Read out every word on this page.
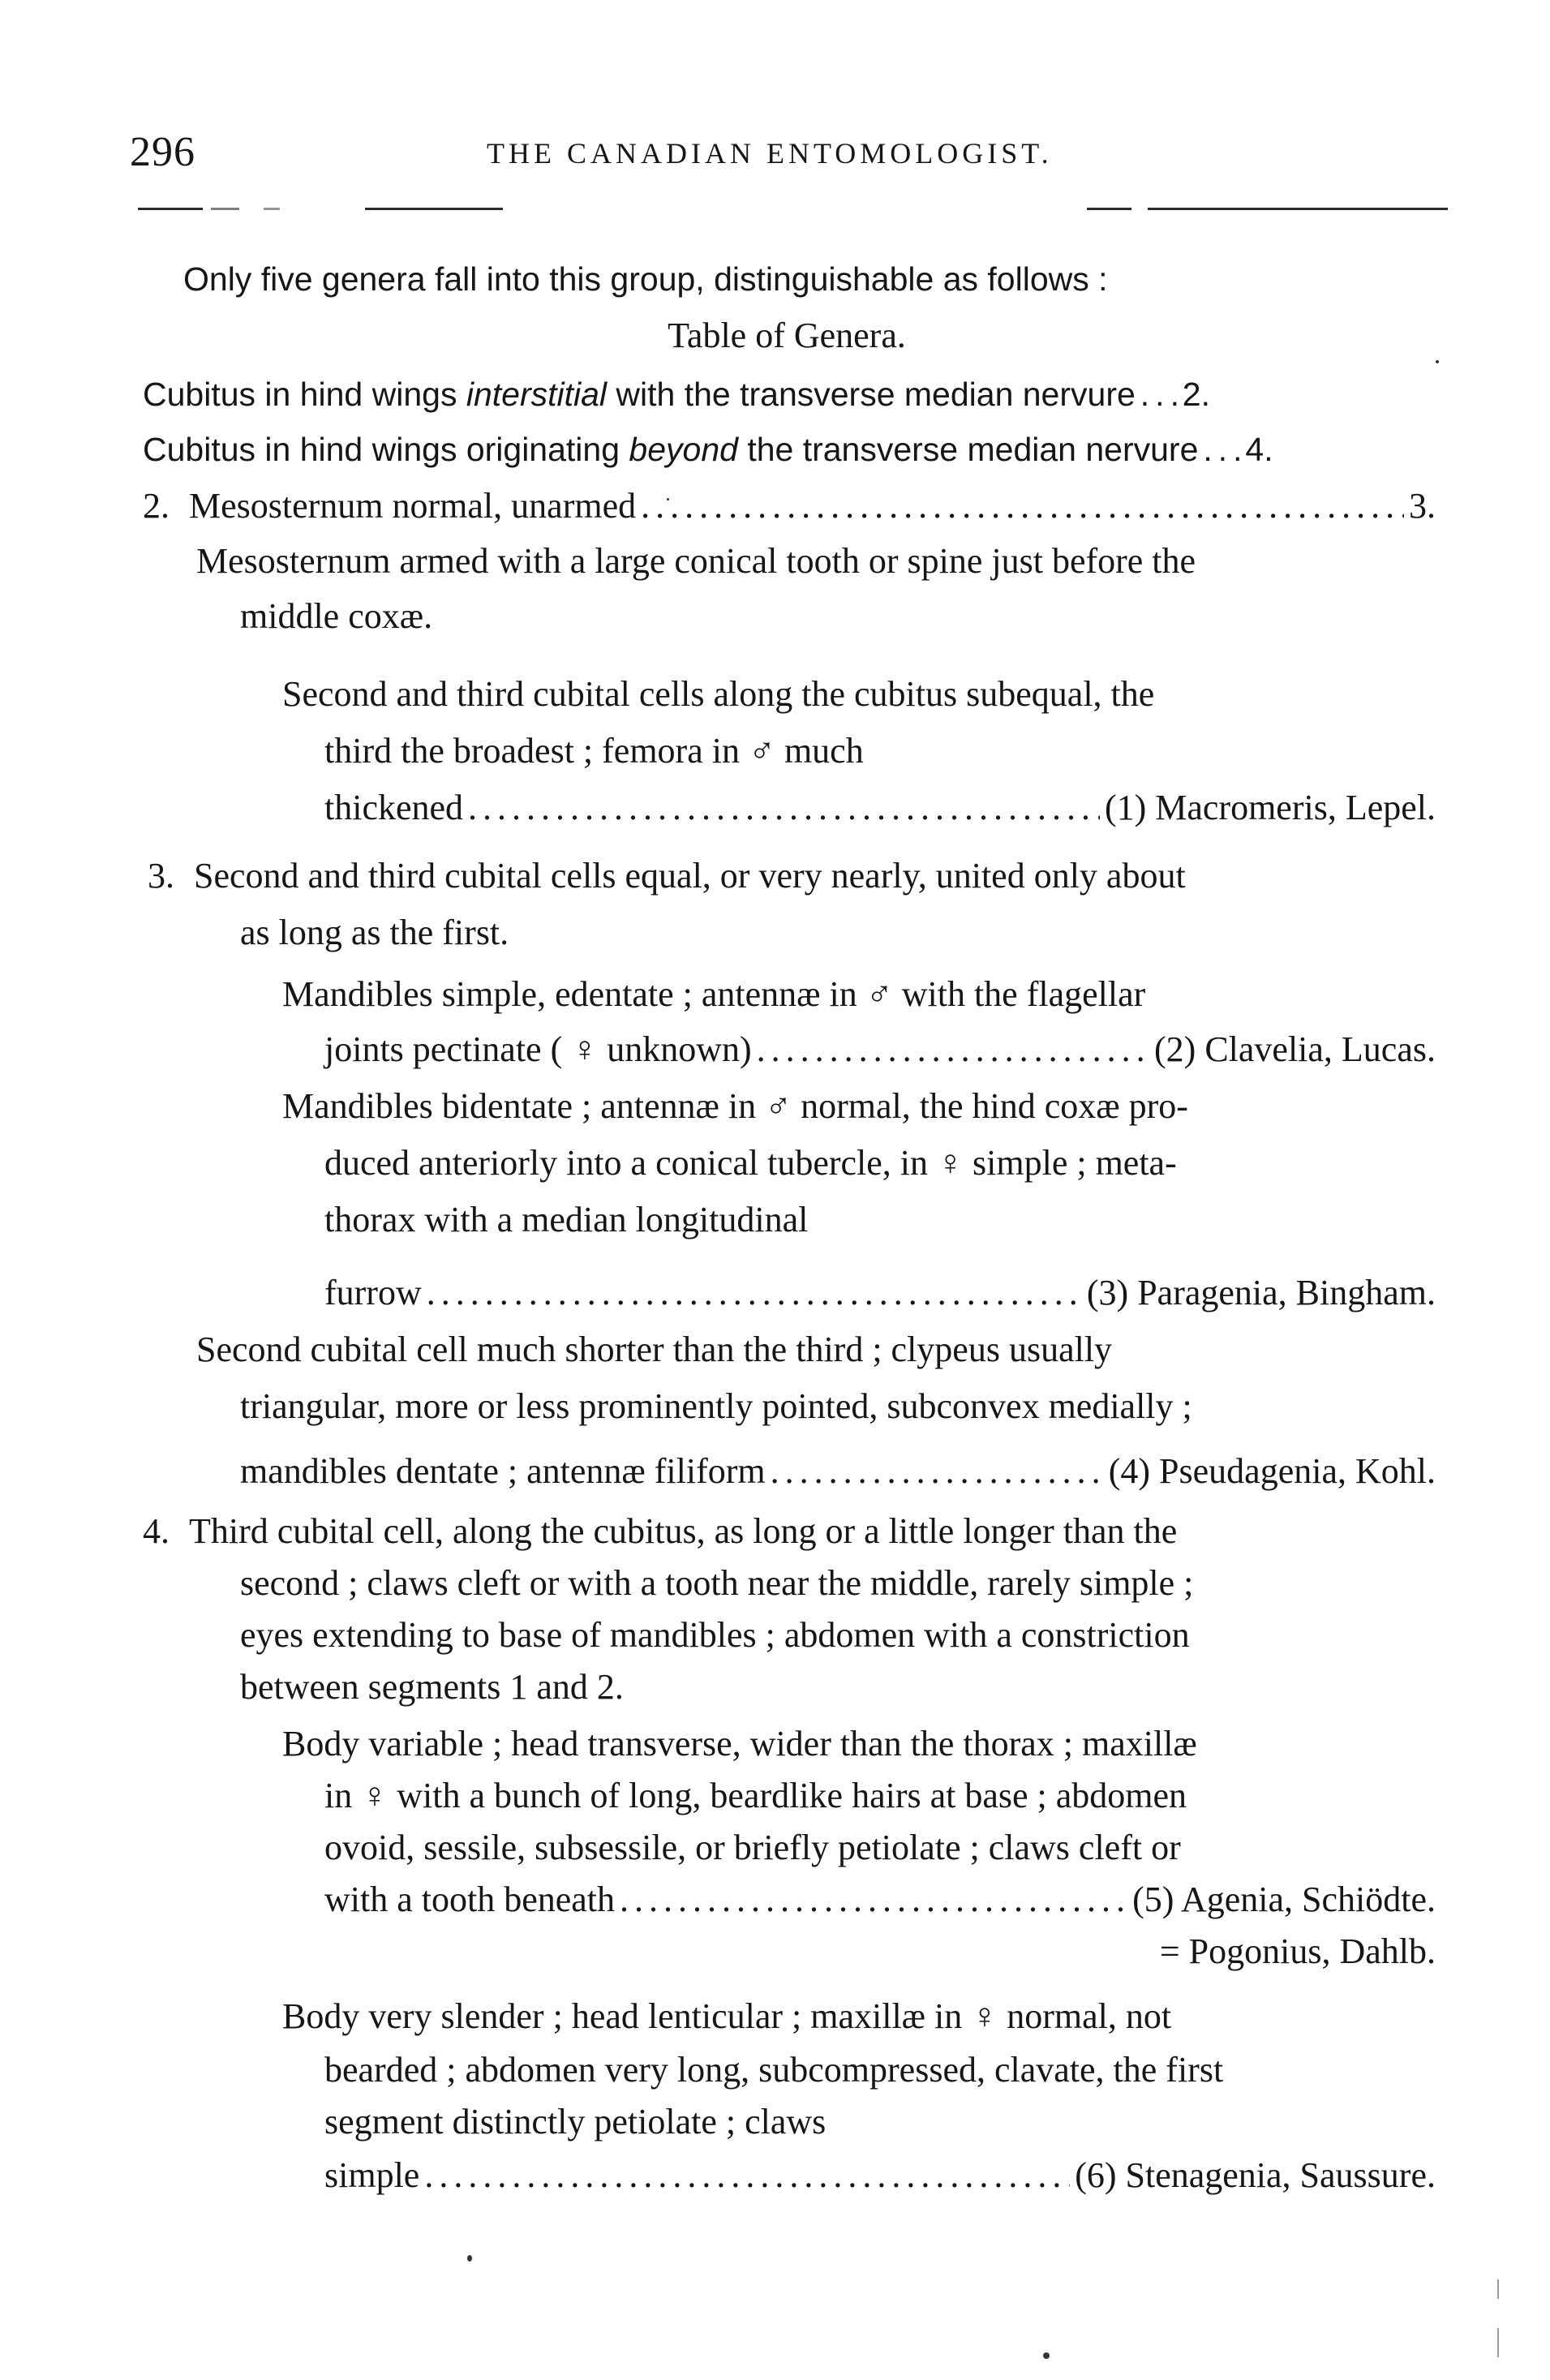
296	THE CANADIAN ENTOMOLOGIST.
Only five genera fall into this group, distinguishable as follows :
Table of Genera.
Cubitus in hind wings interstitial with the transverse median nervure ..... 2.
Cubitus in hind wings originating beyond the transverse median nervure ..... 4.
2. Mesosternum normal, unarmed .....	3.
Mesosternum armed with a large conical tooth or spine just before the
middle coxæ.
Second and third cubital cells along the cubitus subequal, the
third the broadest ; femora in ♂ much
thickened .....	(1) Macromeris, Lepel.
3. Second and third cubital cells equal, or very nearly, united only about
as long as the first.
Mandibles simple, edentate ; antennæ in ♂ with the flagellar
joints pectinate ( ♀ unknown) .....	(2) Clavelia, Lucas.
Mandibles bidentate ; antennæ in ♂ normal, the hind coxæ pro-
duced anteriorly into a conical tubercle, in ♀ simple ; meta-
thorax with a median longitudinal
furrow .....	(3) Paragenia, Bingham.
Second cubital cell much shorter than the third ; clypeus usually
triangular, more or less prominently pointed, subconvex medially ;
mandibles dentate ; antennæ filiform .....	(4) Pseudagenia, Kohl.
4. Third cubital cell, along the cubitus, as long or a little longer than the
second ; claws cleft or with a tooth near the middle, rarely simple ;
eyes extending to base of mandibles ; abdomen with a constriction
between segments 1 and 2.
Body variable ; head transverse, wider than the thorax ; maxillæ
in ♀ with a bunch of long, beardlike hairs at base ; abdomen
ovoid, sessile, subsessile, or briefly petiolate ; claws cleft or
with a tooth beneath .....	(5) Agenia, Schiödte.
= Pogonius, Dahlb.
Body very slender ; head lenticular ; maxillæ in ♀ normal, not
bearded ; abdomen very long, subcompressed, clavate, the first
segment distinctly petiolate ; claws
simple .....	(6) Stenagenia, Saussure.
